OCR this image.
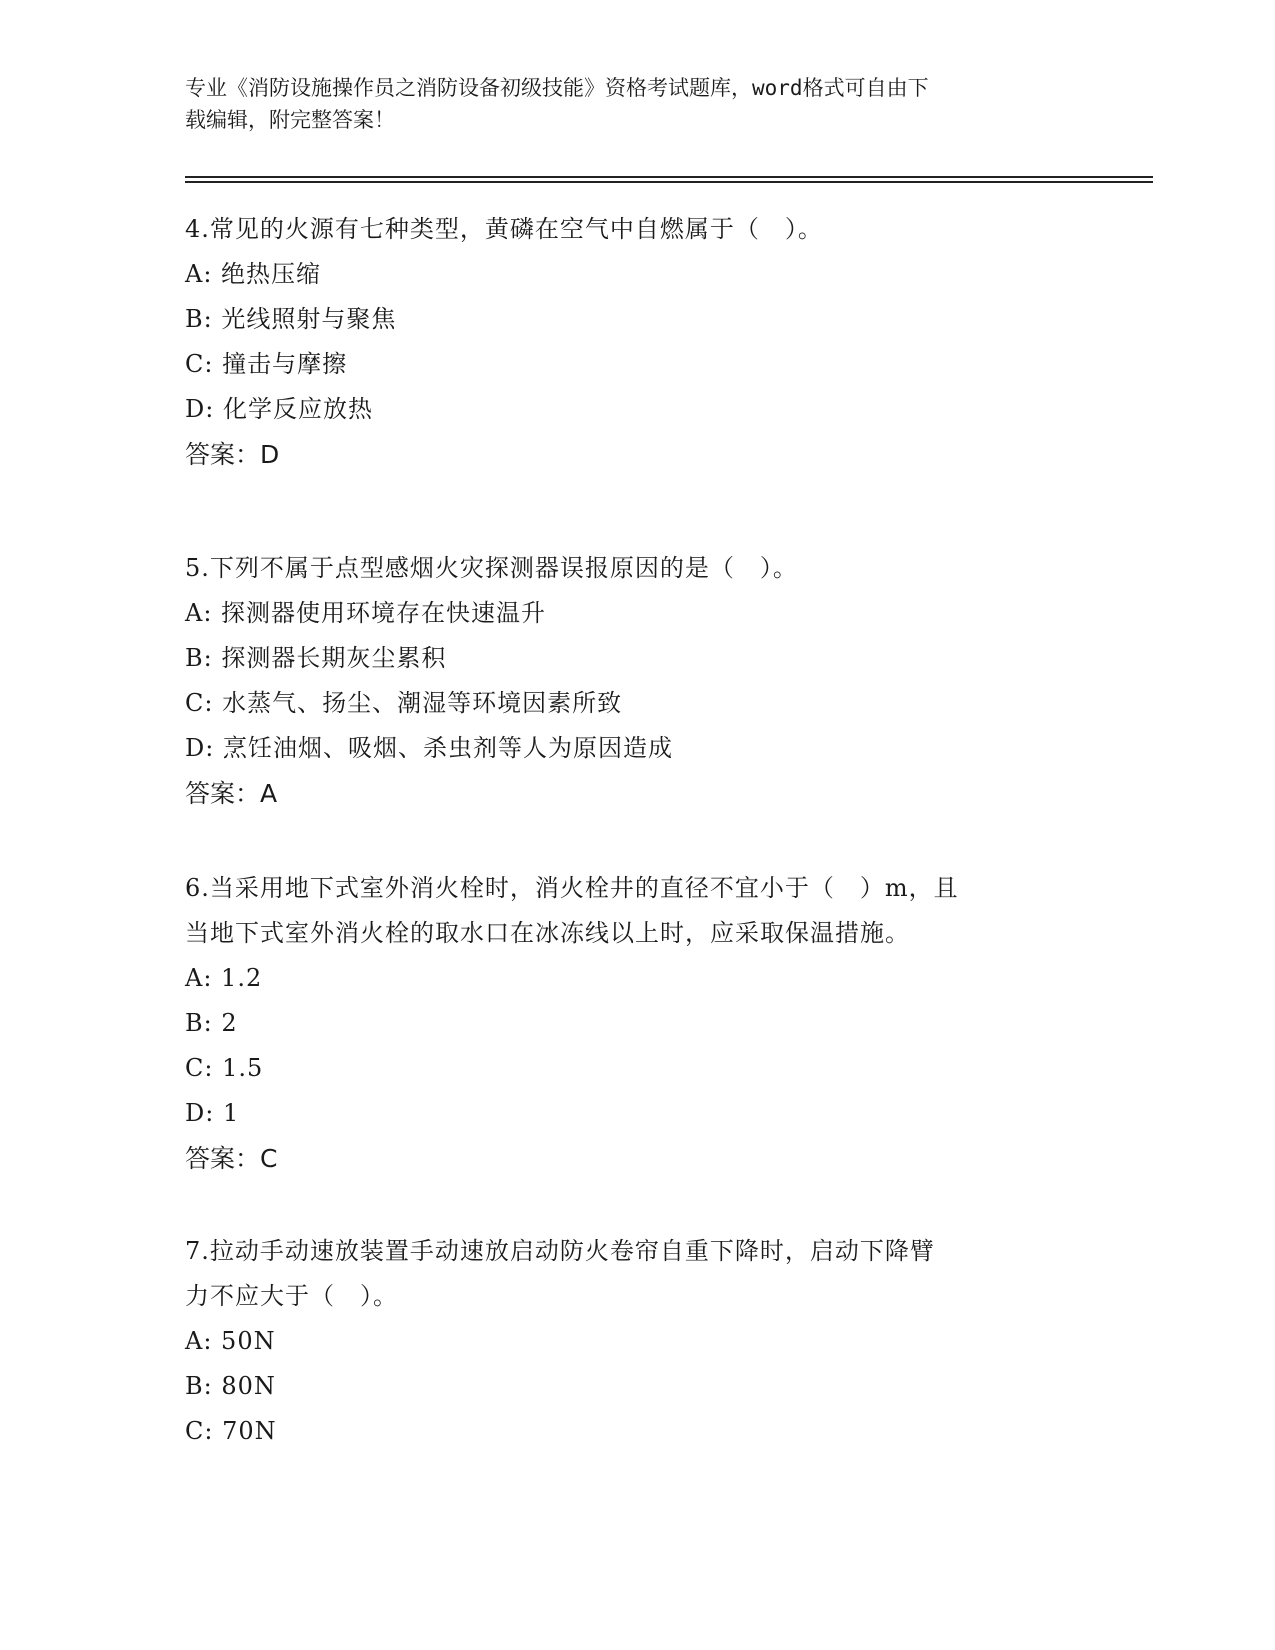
专业《消防设施操作员之消防设备初级技能》资格考试题库，word格式可自由下
载编辑，附完整答案！

4.常见的火源有七种类型，黄磷在空气中自燃属于（　）。

A: 绝热压缩

B: 光线照射与聚焦

C: 撞击与摩擦

D: 化学反应放热

答案：D

5.下列不属于点型感烟火灾探测器误报原因的是（　）。

A: 探测器使用环境存在快速温升

B: 探测器长期灰尘累积

C: 水蒸气、扬尘、潮湿等环境因素所致

D: 烹饪油烟、吸烟、杀虫剂等人为原因造成

答案：A

6.当采用地下式室外消火栓时，消火栓井的直径不宜小于（　）m，且

当地下式室外消火栓的取水口在冰冻线以上时，应采取保温措施。

A: 1.2

B: 2

C: 1.5

D: 1

答案：C

7.拉动手动速放装置手动速放启动防火卷帘自重下降时，启动下降臂

力不应大于（　）。

A: 50N

B: 80N

C: 70N
